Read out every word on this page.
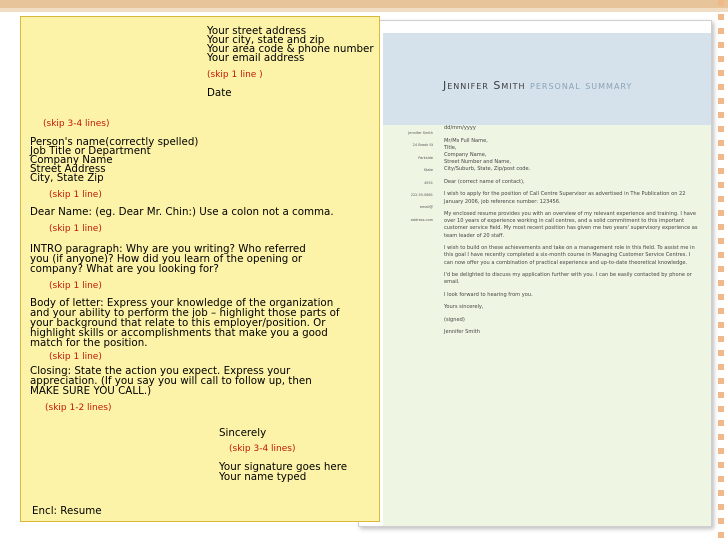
Jennifer Smith personal summary
Jennifer Smith
24 Brook St
Parkside
State
4551
222.55.0681
email@
address.com

dd/mm/yyyy

Mr/Ms Full Name,
Title,
Company Name,
Street Number and Name,
City/Suburb, State, Zip/post code.

Dear (correct name of contact),

I wish to apply for the position of Call Centre Supervisor as advertised in The Publication on 22 January 2006, job reference number: 123456.

My enclosed resume provides you with an overview of my relevant experience and training. I have over 10 years of experience working in call centres, and a solid commitment to this important customer service field. My most recent position has given me two years' supervisory experience as team leader of 20 staff.

I wish to build on these achievements and take on a management role in this field. To assist me in this goal I have recently completed a six-month course in Managing Customer Service Centres. I can now offer you a combination of practical experience and up-to-date theoretical knowledge.

I'd be delighted to discuss my application further with you. I can be easily contacted by phone or email.

I look forward to hearing from you.

Yours sincerely,

(signed)

Jennifer Smith

Your street address
Your city, state and zip
Your area code & phone number
Your email address
(skip 1 line )
Date
(skip 3-4 lines)
Person's name(correctly spelled)
Job Title or Department
Company Name
Street Address
City, State Zip
(skip 1 line)
Dear Name: (eg. Dear Mr. Chin:) Use a colon not a comma.
(skip 1 line)
INTRO paragraph: Why are you writing? Who referred
you (if anyone)? How did you learn of the opening or
company? What are you looking for?
(skip 1 line)
Body of letter: Express your knowledge of the organization
and your ability to perform the job – highlight those parts of
your background that relate to this employer/position. Or
highlight skills or accomplishments that make you a good
match for the position.
(skip 1 line)
Closing: State the action you expect. Express your
appreciation. (If you say you will call to follow up, then
MAKE SURE YOU CALL.)
(skip 1-2 lines)
Sincerely
(skip 3-4 lines)
Your signature goes here
Your name typed
Encl: Resume
